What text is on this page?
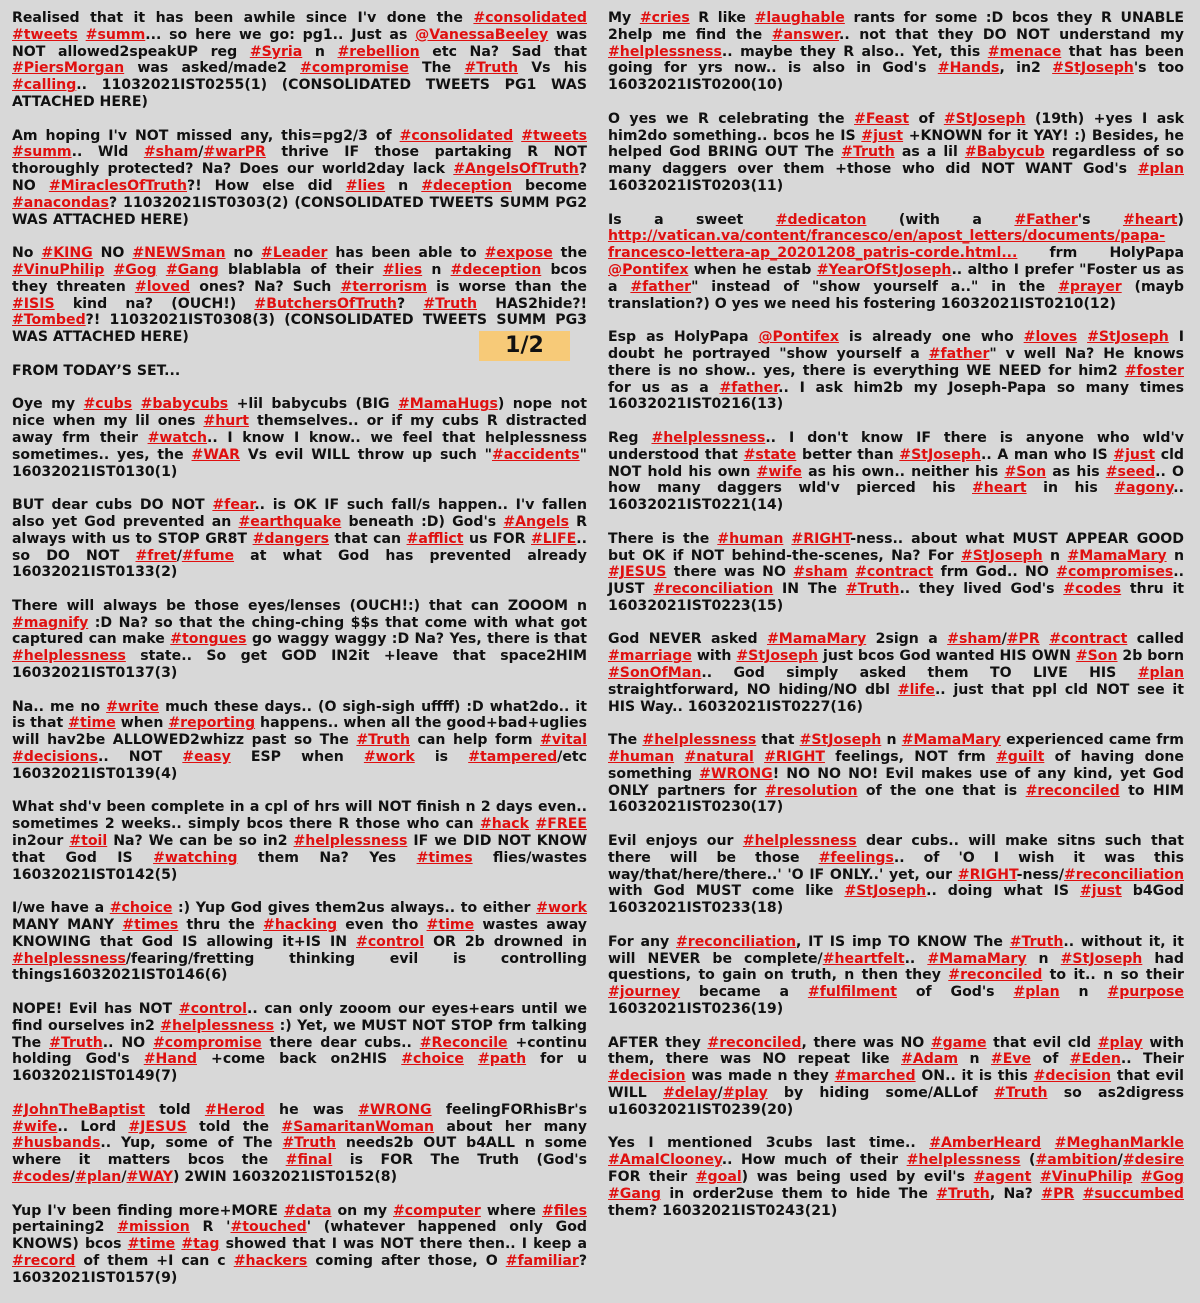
Realised that it has been awhile since I'v done the #consolidated #tweets #summ... so here we go: pg1.. Just as @VanessaBeeley was NOT allowed2speakUP reg #Syria n #rebellion etc Na? Sad that #PiersMorgan was asked/made2 #compromise The #Truth Vs his #calling.. 11032021IST0255(1) (CONSOLIDATED TWEETS PG1 WAS ATTACHED HERE)
Am hoping I'v NOT missed any, this=pg2/3 of #consolidated #tweets #summ.. Wld #sham/#warPR thrive IF those partaking R NOT thoroughly protected? Na? Does our world2day lack #AngelsOfTruth? NO #MiraclesOfTruth?! How else did #lies n #deception become #anacondas? 11032021IST0303(2) (CONSOLIDATED TWEETS SUMM PG2 WAS ATTACHED HERE)
No #KING NO #NEWSman no #Leader has been able to #expose the #VinuPhilip #Gog #Gang blablabla of their #lies n #deception bcos they threaten #loved ones? Na? Such #terrorism is worse than the #ISIS kind na? (OUCH!) #ButchersOfTruth? #Truth HAS2hide?! #Tombed?! 11032021IST0308(3) (CONSOLIDATED TWEETS SUMM PG3 WAS ATTACHED HERE)
FROM TODAY’S SET...
Oye my #cubs #babycubs +lil babycubs (BIG #MamaHugs) nope not nice when my lil ones #hurt themselves.. or if my cubs R distracted away frm their #watch.. I know I know.. we feel that helplessness sometimes.. yes, the #WAR Vs evil WILL throw up such "#accidents" 16032021IST0130(1)
BUT dear cubs DO NOT #fear.. is OK IF such fall/s happen.. I'v fallen also yet God prevented an #earthquake beneath :D) God's #Angels R always with us to STOP GR8T #dangers that can #afflict us FOR #LIFE.. so DO NOT #fret/#fume at what God has prevented already 16032021IST0133(2)
There will always be those eyes/lenses (OUCH!:) that can ZOOOM n #magnify :D Na? so that the ching-ching $$s that come with what got captured can make #tongues go waggy waggy :D Na? Yes, there is that #helplessness state.. So get GOD IN2it +leave that space2HIM 16032021IST0137(3)
Na.. me no #write much these days.. (O sigh-sigh uffff) :D what2do.. it is that #time when #reporting happens.. when all the good+bad+uglies will hav2be ALLOWED2whizz past so The #Truth can help form #vital #decisions.. NOT #easy ESP when #work is #tampered/etc 16032021IST0139(4)
What shd'v been complete in a cpl of hrs will NOT finish n 2 days even.. sometimes 2 weeks.. simply bcos there R those who can #hack #FREE in2our #toil Na? We can be so in2 #helplessness IF we DID NOT KNOW that God IS #watching them Na? Yes #times flies/wastes 16032021IST0142(5)
I/we have a #choice :) Yup God gives them2us always.. to either #work MANY MANY #times thru the #hacking even tho #time wastes away KNOWING that God IS allowing it+IS IN #control OR 2b drowned in #helplessness/fearing/fretting thinking evil is controlling things16032021IST0146(6)
NOPE! Evil has NOT #control.. can only zooom our eyes+ears until we find ourselves in2 #helplessness :) Yet, we MUST NOT STOP frm talking The #Truth.. NO #compromise there dear cubs.. #Reconcile +continu holding God's #Hand +come back on2HIS #choice #path for u 16032021IST0149(7)
#JohnTheBaptist told #Herod he was #WRONG feelingFORhisBr's #wife.. Lord #JESUS told the #SamaritanWoman about her many #husbands.. Yup, some of The #Truth needs2b OUT b4ALL n some where it matters bcos the #final is FOR The Truth (God's #codes/#plan/#WAY) 2WIN 16032021IST0152(8)
Yup I'v been finding more+MORE #data on my #computer where #files pertaining2 #mission R '#touched' (whatever happened only God KNOWS) bcos #time #tag showed that I was NOT there then.. I keep a #record of them +I can c #hackers coming after those, O #familiar? 16032021IST0157(9)
My #cries R like #laughable rants for some :D bcos they R UNABLE 2help me find the #answer.. not that they DO NOT understand my #helplessness.. maybe they R also.. Yet, this #menace that has been going for yrs now.. is also in God's #Hands, in2 #StJoseph's too 16032021IST0200(10)
O yes we R celebrating the #Feast of #StJoseph (19th) +yes I ask him2do something.. bcos he IS #just +KNOWN for it YAY! :) Besides, he helped God BRING OUT The #Truth as a lil #Babycub regardless of so many daggers over them +those who did NOT WANT God's #plan 16032021IST0203(11)
Is a sweet #dedicaton (with a #Father's #heart) http://vatican.va/content/francesco/en/apost_letters/documents/papa-francesco-lettera-ap_20201208_patris-corde.html... frm HolyPapa @Pontifex when he estab #YearOfStJoseph.. altho I prefer "Foster us as a #father" instead of "show yourself a.." in the #prayer (mayb translation?) O yes we need his fostering 16032021IST0210(12)
Esp as HolyPapa @Pontifex is already one who #loves #StJoseph I doubt he portrayed "show yourself a #father" v well Na? He knows there is no show.. yes, there is everything WE NEED for him2 #foster for us as a #father.. I ask him2b my Joseph-Papa so many times 16032021IST0216(13)
Reg #helplessness.. I don't know IF there is anyone who wld'v understood that #state better than #StJoseph.. A man who IS #just cld NOT hold his own #wife as his own.. neither his #Son as his #seed.. O how many daggers wld'v pierced his #heart in his #agony.. 16032021IST0221(14)
There is the #human #RIGHT-ness.. about what MUST APPEAR GOOD but OK if NOT behind-the-scenes, Na? For #StJoseph n #MamaMary n #JESUS there was NO #sham #contract frm God.. NO #compromises.. JUST #reconciliation IN The #Truth.. they lived God's #codes thru it 16032021IST0223(15)
God NEVER asked #MamaMary 2sign a #sham/#PR #contract called #marriage with #StJoseph just bcos God wanted HIS OWN #Son 2b born #SonOfMan.. God simply asked them TO LIVE HIS #plan straightforward, NO hiding/NO dbl #life.. just that ppl cld NOT see it HIS Way.. 16032021IST0227(16)
The #helplessness that #StJoseph n #MamaMary experienced came frm #human #natural #RIGHT feelings, NOT frm #guilt of having done something #WRONG! NO NO NO! Evil makes use of any kind, yet God ONLY partners for #resolution of the one that is #reconciled to HIM 16032021IST0230(17)
Evil enjoys our #helplessness dear cubs.. will make sitns such that there will be those #feelings.. of 'O I wish it was this way/that/here/there..' 'O IF ONLY..' yet, our #RIGHT-ness/#reconciliation with God MUST come like #StJoseph.. doing what IS #just b4God 16032021IST0233(18)
For any #reconciliation, IT IS imp TO KNOW The #Truth.. without it, it will NEVER be complete/#heartfelt.. #MamaMary n #StJoseph had questions, to gain on truth, n then they #reconciled to it.. n so their #journey became a #fulfilment of God's #plan n #purpose 16032021IST0236(19)
AFTER they #reconciled, there was NO #game that evil cld #play with them, there was NO repeat like #Adam n #Eve of #Eden.. Their #decision was made n they #marched ON.. it is this #decision that evil WILL #delay/#play by hiding some/ALLof #Truth so as2digress u16032021IST0239(20)
Yes I mentioned 3cubs last time.. #AmberHeard #MeghanMarkle #AmalClooney.. How much of their #helplessness (#ambition/#desire FOR their #goal) was being used by evil's #agent #VinuPhilip #Gog #Gang in order2use them to hide The #Truth, Na? #PR #succumbed them? 16032021IST0243(21)
1/2
